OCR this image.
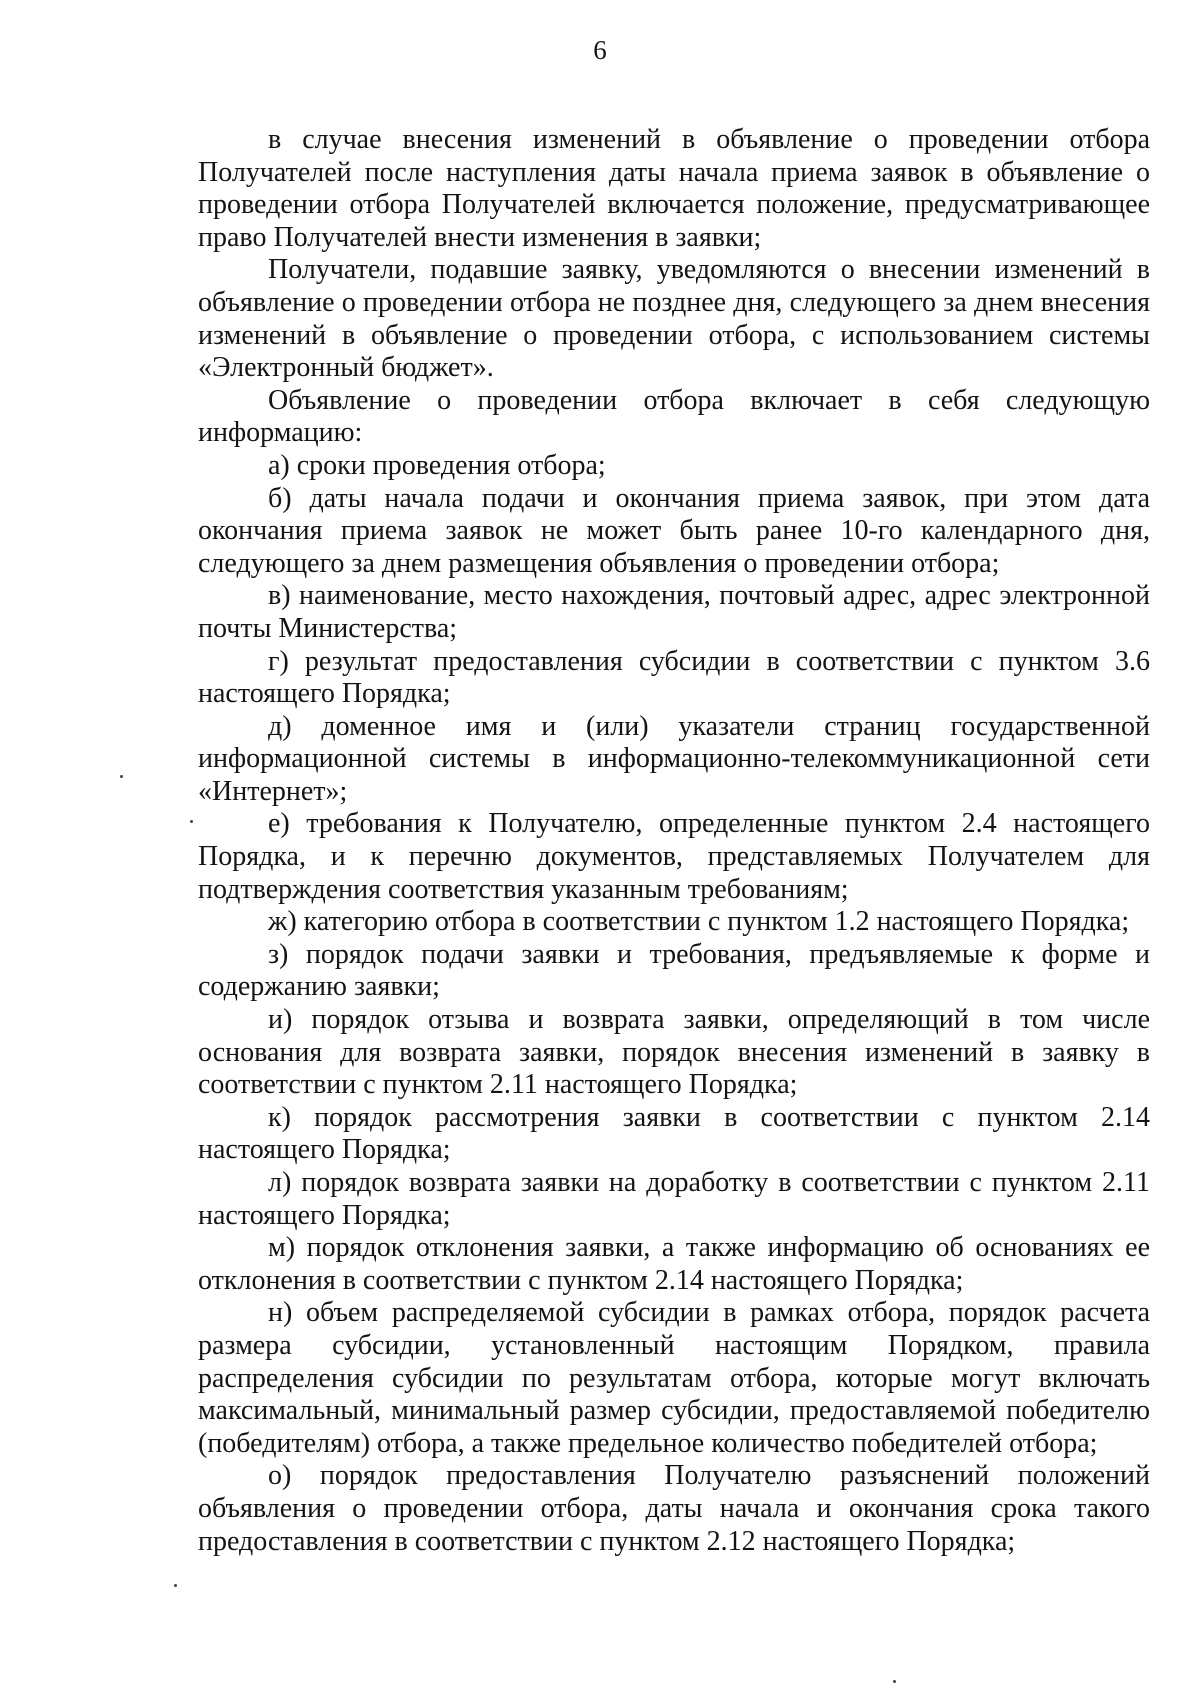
6

в случае внесения изменений в объявление о проведении отбора Получателей после наступления даты начала приема заявок в объявление о проведении отбора Получателей включается положение, предусматривающее право Получателей внести изменения в заявки;

Получатели, подавшие заявку, уведомляются о внесении изменений в объявление о проведении отбора не позднее дня, следующего за днем внесения изменений в объявление о проведении отбора, с использованием системы «Электронный бюджет».

Объявление о проведении отбора включает в себя следующую информацию:

а) сроки проведения отбора;

б) даты начала подачи и окончания приема заявок, при этом дата окончания приема заявок не может быть ранее 10-го календарного дня, следующего за днем размещения объявления о проведении отбора;

в) наименование, место нахождения, почтовый адрес, адрес электронной почты Министерства;

г) результат предоставления субсидии в соответствии с пунктом 3.6 настоящего Порядка;

д) доменное имя и (или) указатели страниц государственной информационной системы в информационно-телекоммуникационной сети «Интернет»;

е) требования к Получателю, определенные пунктом 2.4 настоящего Порядка, и к перечню документов, представляемых Получателем для подтверждения соответствия указанным требованиям;

ж) категорию отбора в соответствии с пунктом 1.2 настоящего Порядка;

з) порядок подачи заявки и требования, предъявляемые к форме и содержанию заявки;

и) порядок отзыва и возврата заявки, определяющий в том числе основания для возврата заявки, порядок внесения изменений в заявку в соответствии с пунктом 2.11 настоящего Порядка;

к) порядок рассмотрения заявки в соответствии с пунктом 2.14 настоящего Порядка;

л) порядок возврата заявки на доработку в соответствии с пунктом 2.11 настоящего Порядка;

м) порядок отклонения заявки, а также информацию об основаниях ее отклонения в соответствии с пунктом 2.14 настоящего Порядка;

н) объем распределяемой субсидии в рамках отбора, порядок расчета размера субсидии, установленный настоящим Порядком, правила распределения субсидии по результатам отбора, которые могут включать максимальный, минимальный размер субсидии, предоставляемой победителю (победителям) отбора, а также предельное количество победителей отбора;

о) порядок предоставления Получателю разъяснений положений объявления о проведении отбора, даты начала и окончания срока такого предоставления в соответствии с пунктом 2.12 настоящего Порядка;
